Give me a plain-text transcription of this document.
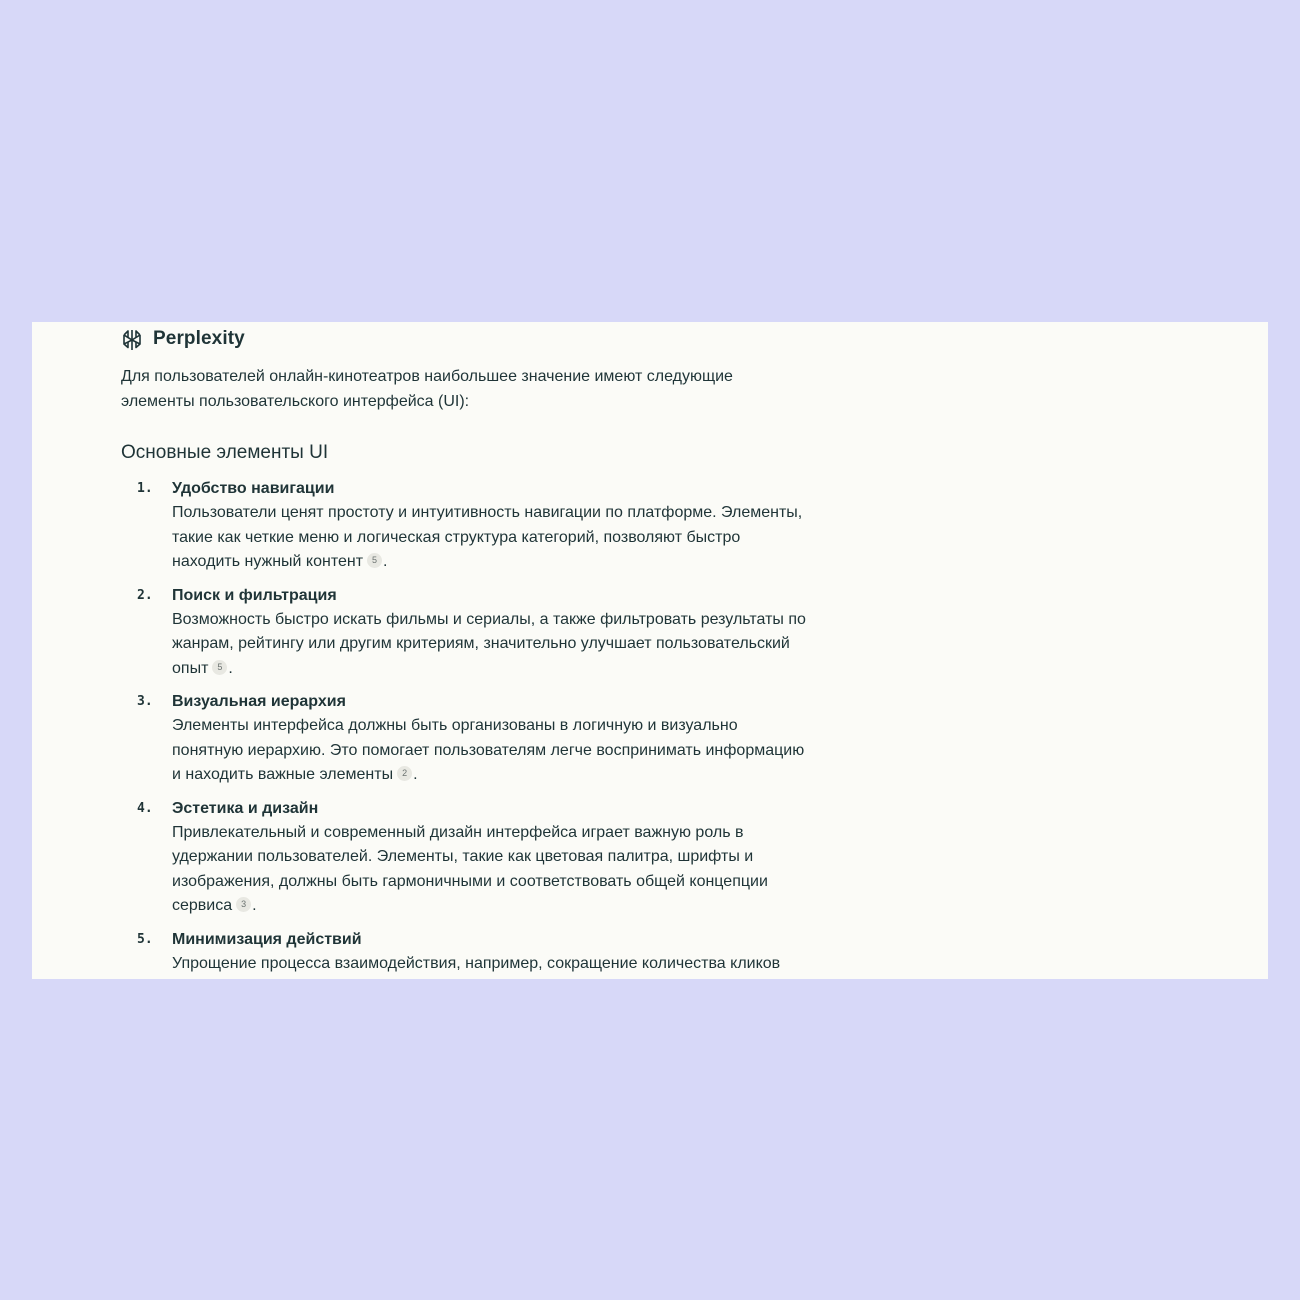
Perplexity

Для пользователей онлайн-кинотеатров наибольшее значение имеют следующие элементы пользовательского интерфейса (UI):

Основные элементы UI
1.	Удобство навигации
Пользователи ценят простоту и интуитивность навигации по платформе. Элементы, такие как четкие меню и логическая структура категорий, позволяют быстро находить нужный контент 5 .
2.	Поиск и фильтрация
Возможность быстро искать фильмы и сериалы, а также фильтровать результаты по жанрам, рейтингу или другим критериям, значительно улучшает пользовательский опыт 5 .
3.	Визуальная иерархия
Элементы интерфейса должны быть организованы в логичную и визуально понятную иерархию. Это помогает пользователям легче воспринимать информацию и находить важные элементы 2 .
4.	Эстетика и дизайн
Привлекательный и современный дизайн интерфейса играет важную роль в удержании пользователей. Элементы, такие как цветовая палитра, шрифты и изображения, должны быть гармоничными и соответствовать общей концепции сервиса 3 .
5.	Минимизация действий
Упрощение процесса взаимодействия, например, сокращение количества кликов
